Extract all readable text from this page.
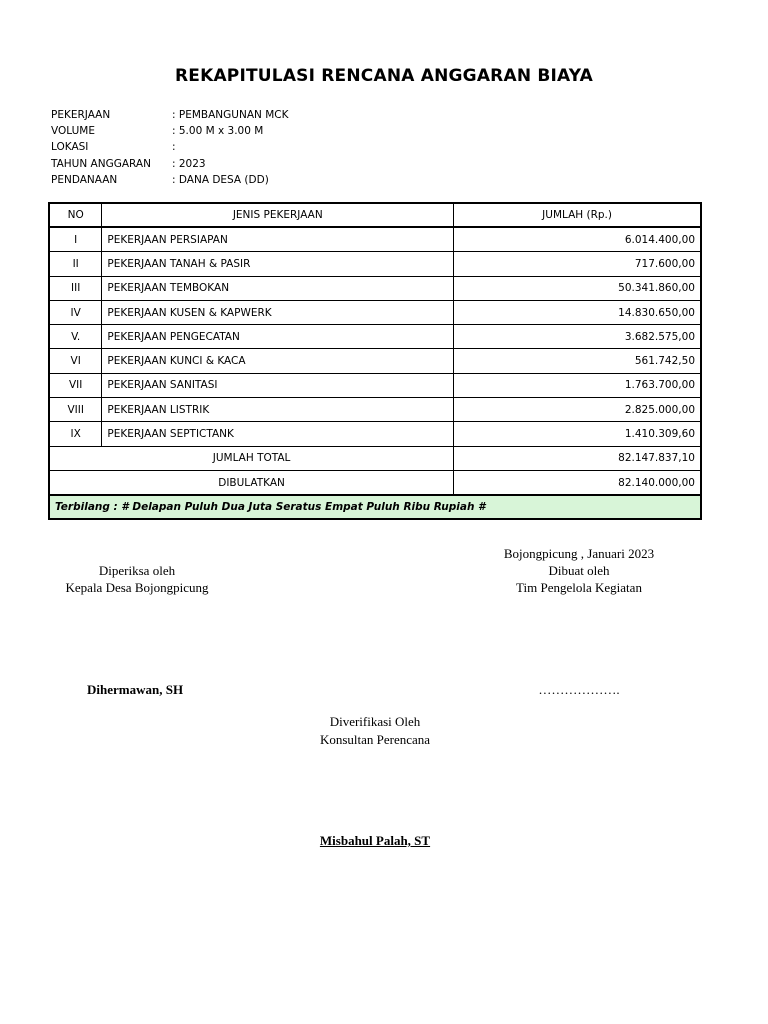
REKAPITULASI RENCANA ANGGARAN BIAYA
PEKERJAAN	: PEMBANGUNAN MCK
VOLUME	: 5.00 M x 3.00 M
LOKASI	:
TAHUN ANGGARAN : 2023
PENDANAAN	: DANA DESA (DD)
NO	JENIS PEKERJAAN	JUMLAH (Rp.)
I	PEKERJAAN PERSIAPAN	6.014.400,00
II	PEKERJAAN TANAH & PASIR	717.600,00
III	PEKERJAAN TEMBOKAN	50.341.860,00
IV	PEKERJAAN KUSEN & KAPWERK	14.830.650,00
V.	PEKERJAAN PENGECATAN	3.682.575,00
VI	PEKERJAAN KUNCI & KACA	561.742,50
VII	PEKERJAAN SANITASI	1.763.700,00
VIII	PEKERJAAN LISTRIK	2.825.000,00
IX	PEKERJAAN SEPTICTANK	1.410.309,60
JUMLAH TOTAL		82.147.837,10
DIBULATKAN		82.140.000,00
Terbilang : # Delapan Puluh Dua Juta Seratus Empat Puluh Ribu Rupiah #		
Bojongpicung , Januari 2023
Diperiksa oleh
Kepala Desa Bojongpicung
Dibuat oleh
Tim Pengelola Kegiatan
Dihermawan, SH	……………….
Diverifikasi Oleh
Konsultan Perencana
Misbahul Palah, ST
